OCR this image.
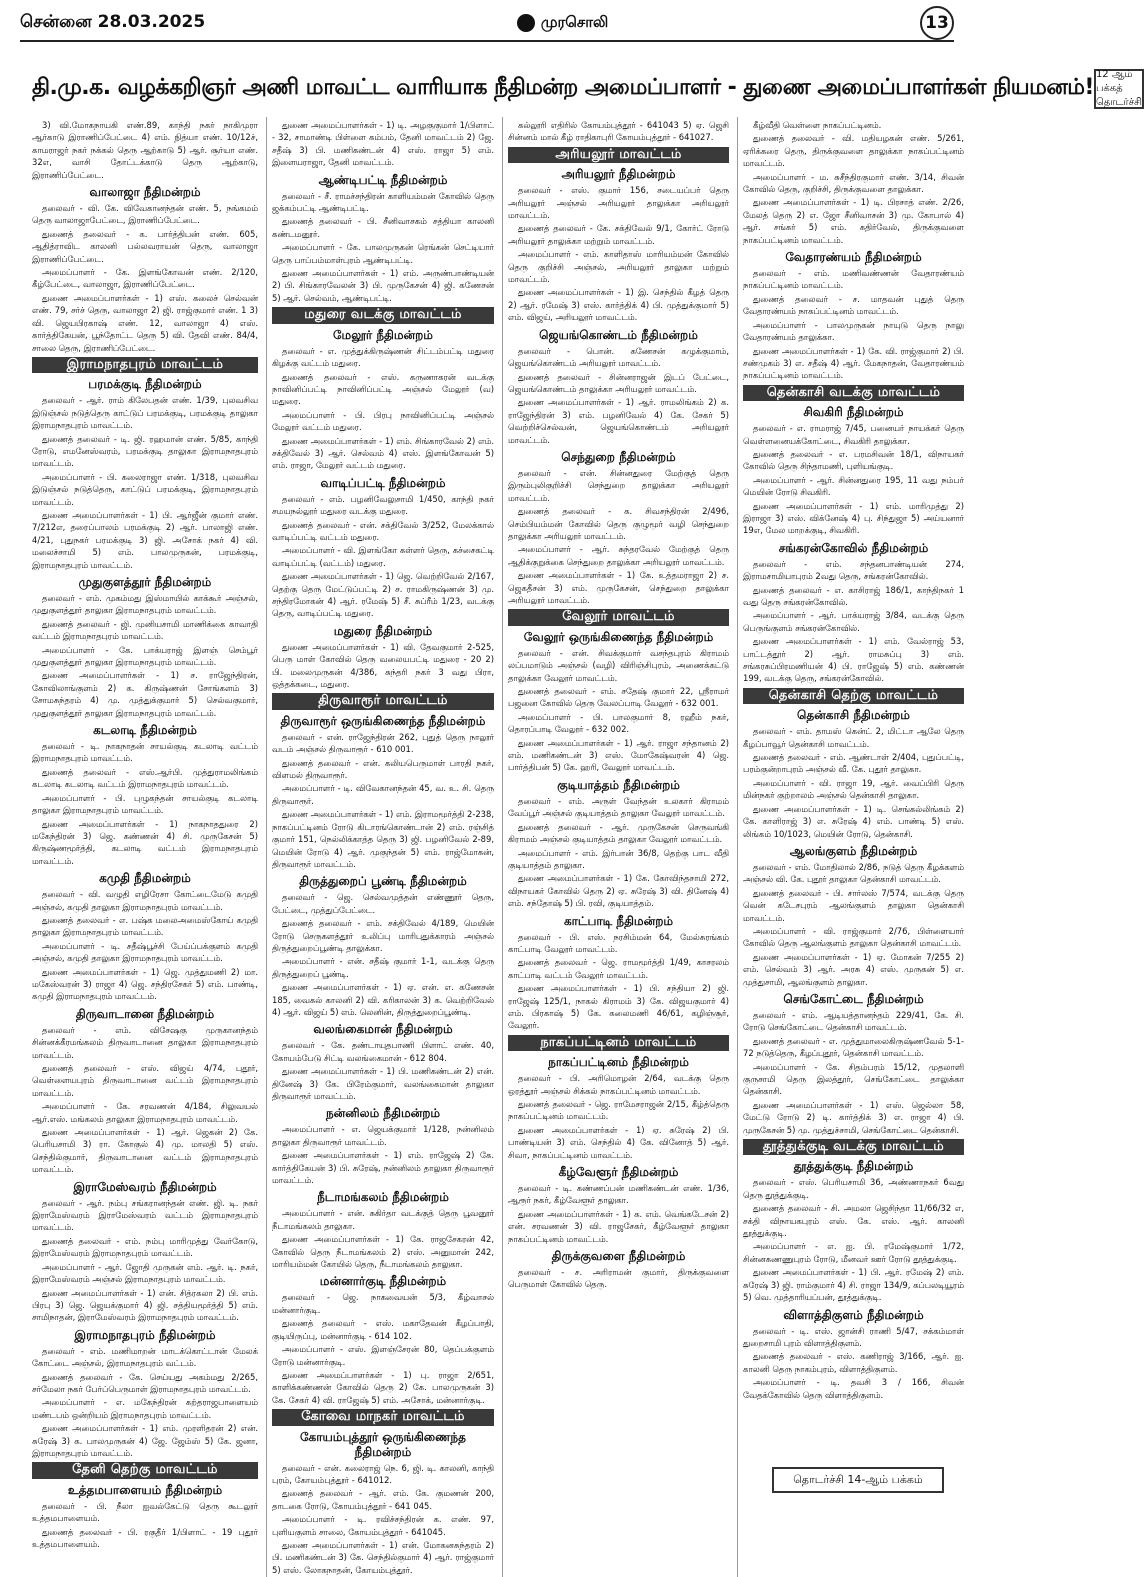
சென்னை 28.03.2025	முரசொலி	13
தி.மு.க. வழக்கறிஞர் அணி மாவட்ட வாரியாக நீதிமன்ற அமைப்பாளர் - துணை அமைப்பாளர்கள் நியமனம்!
12 ஆம் பக்கத்
தொடர்ச்சி

3) வி.மோகநாயகி எண்.89, காந்தி நகர் நாகிமுரா ஆர்காடு இராணிப்பேட்டை 4) எம். நித்யா எண். 10/12ச், காமராஜர் நகர் நக்கல் தெரு ஆற்காடு 5) ஆர். சூர்யா எண். 32எ, வாசி தோட்டக்காடு தெரு ஆற்காடு, இராணிப்பேட்டை.

வாலாஜா நீதிமன்றம்

தலைவர் - வி. கே. விவேகானந்தன் எண். 5, நங்கமம் தெரு வாலாஜாபேட்டை, இராணிப்பேட்டை.

துணைத் தலைவர் - க. பார்த்திபன் எண். 605, ஆதித்ராவிட காலனி பல்லவராயன் தெரு, வாலாஜா இராணிப்பேட்டை.

அமைப்பாளர் - கே. இளங்கோவன் எண். 2/120, கீழ்பேட்டை, வாலாஜா, இராணிப்பேட்டை.

துணை அமைப்பாளர்கள் - 1) எஸ். கலைச் செல்வன் எண். 79, சர்ச் தெரு, வாலாஜா 2) ஜி. ராஜ்குமார் எண். 1 3) வி. ஜெயபிரகாஷ் எண். 12, வாலாஜா 4) எஸ். கார்த்திகேயன், பூந்தோட்ட தெரு 5) வி. தேவி எண். 84/4, சாலை தெரு, இராணிப்பேட்டை.

இராமநாதபுரம் மாவட்டம்
பரமக்குடி நீதிமன்றம்

தலைவர் - ஆர். ராம் கிலேபதன் எண். 1/39, புலவசிவ இடுஞ்சல் நடுத்தெரு காட்டுப் பரமக்குடி, பரமக்குடி தாலுகா இராமநாதபுரம் மாவட்டம்.

துணைத் தலைவர் - டி. ஜி. ரஹமான் எண். 5/85, காந்தி ரோடு, எமனேஸ்வரம், பரமக்குடி தாலுகா இராமநாதபுரம் மாவட்டம்.

அமைப்பாளர் - பி. கலைராஜா எண். 1/318, புலவசிவ இடுஞ்சல் நடுத்தெரு, காட்டுப் பரமக்குடி, இராமநாதபுரம் மாவட்டம்.

துணை அமைப்பாளர்கள் - 1) பி. ஆர்ஜீன் குமார் எண். 7/212எ, தரைப்பாலம் பரமக்குடி 2) ஆர். பாலாஜி எண். 4/21, புதுநகர் பரமக்குடி 3) ஜி. அசோக் நகர் 4) வி. மலைச்சாமி 5) எம். பாலமுருகன், பரமக்குடி, இராமநாதபுரம் மாவட்டம்.

முதுகுளத்தூர் நீதிமன்றம்

தலைவர் - எம். முகம்மது இஸ்மாயில் காக்கூர் அஞ்சல், முதுகுளத்தூர் தாலுகா இராமநாதபுரம் மாவட்டம்.

துணைத் தலைவர் - ஜி. முனியசாமி மாணிக்கை காவாதி வட்டம் இராமநாதபுரம் மாவட்டம்.

அமைப்பாளர் - கே. பாக்யராஜ் இளஞ் செம்பூர் முதுகுளத்தூர் தாலுகா இராமநாதபுரம் மாவட்டம்.

துணை அமைப்பாளர்கள் - 1) ச. ராஜேந்திரன், கோவிலாங்குளம் 2) க. கிருஷ்ணன் சோங்களம் 3) சோமசுந்தரம் 4) மு. முத்துக்குமார் 5) செல்வகுமார், முதுகுளத்தூர் தாலுகா இராமநாதபுரம் மாவட்டம்.

கடலாடி நீதிமன்றம்

தலைவர் - டி. நாகநாதன் சாயல்குடி கடலாடி வட்டம் இராமநாதபுரம் மாவட்டம்.

துணைத் தலைவர் - எஸ்.ஆர்பி. முத்துராமலிங்கம் கடலாடி கடலாடி வட்டம் இராமநாதபுரம் மாவட்டம்.

அமைப்பாளர் - பி. புழுகந்தன் சாயல்குடி கடலாடி தாலுகா இராமநாதபுரம் மாவட்டம்.

துணை அமைப்பாளர்கள் - 1) நாகநாததுரை 2) மகேந்திரன் 3) ஜெ. கண்ணன் 4) சி. முருகேசன் 5) கிருஷ்ணமூர்த்தி, கடலாடி வட்டம் இராமநாதபுரம் மாவட்டம்.

கமுதி நீதிமன்றம்

தலைவர் - வி. வழுதி எழிரேசா கோட்டைமேடு கமுதி அஞ்சல், கமுதி தாலுகா இராமநாதபுரம் மாவட்டம்.

துணைத் தலைவர் - எ. பஷ்க மலைஅமைஸ்கோய் கமுதி தாலுகா இராமநாதபுரம் மாவட்டம்.

அமைப்பாளர் - டி. சதீஷ்பூச்சி பேய்ப்பக்குளம் கமுதி அஞ்சல், கமுதி தாலுகா இராமநாதபுரம் மாவட்டம்.

துணை அமைப்பாளர்கள் - 1) ஜெ. முத்துமணி 2) மா. மகேஸ்வரன் 3) ராஜா 4) ஜெ. சந்திரசேகர் 5) எம். பாண்டி, கமுதி இராமநாதபுரம் மாவட்டம்.

திருவாடானை நீதிமன்றம்

தலைவர் - எம். விசேஷகு முருகானந்தம் சின்னக்கீரமங்கலம் திருவாடானை தாலுகா இராமநாதபுரம் மாவட்டம்.

துணைத் தலைவர் - எஸ். விஜய் 4/74, புதூர், வெள்ளையபுரம் திருவாடானை வட்டம் இராமநாதபுரம் மாவட்டம்.

அமைப்பாளர் - கே. சரவணன் 4/184, சிலுவயல் ஆர்.எஸ். மங்கலம் தாலுகா இராமநாதபுரம் மாவட்டம்.

துணை அமைப்பாளர்கள் - 1) ஆர். ஜெகன் 2) கே. பெரியசாமி 3) ரா. கோகுல் 4) மு. மாலதி 5) எஸ். செந்தில்குமார், திருவாடானை வட்டம் இராமநாதபுரம் மாவட்டம்.

இராமேஸ்வரம் நீதிமன்றம்

தலைவர் - ஆர். நம்பு சங்கரானந்தன் எண். ஜி. டி. நகர் இராமேஸ்வரம் இராமேஸ்வரம் வட்டம் இராமநாதபுரம் மாவட்டம்.

துணைத் தலைவர் - எம். நம்பு மாரிமுத்து வேர்கோடு, இராமேஸ்வரம் இராமநாதபுரம் மாவட்டம்.

அமைப்பாளர் - ஆர். ஜோதி முருகன் எம். ஆர். டி. நகர், இராமேஸ்வரம் அஞ்சல் இராமநாதபுரம் மாவட்டம்.

துணை அமைப்பாளர்கள் - 1) என். சித்ரகலா 2) பி. எம். பிரபு 3) ஜெ. ஜெயக்குமார் 4) ஜி. சத்தியமூர்த்தி 5) எம். சாமிநாதன், இராமேஸ்வரம் இராமநாதபுரம் மாவட்டம்.

இராமநாதபுரம் நீதிமன்றம்

தலைவர் - எம். மணிமாறன் மாடக்கொட்டான் மேலக் கோட்டை அஞ்சல், இராமநாதபுரம் வட்டம்.

துணைத் தலைவர் - கே. செய்யது அகம்மது 2/265, சர்மேலா நகர் பேர்ப்பெருமாள் இராமநாதபுரம் மாவட்டம்.

அமைப்பாளர் - எ. மகேந்திரன் கற்தராஜபாளையம் மண்டபம் ஒன்றியம் இராமநாதபுரம் மாவட்டம்.

துணை அமைப்பாளர்கள் - 1) எம். முரளிதரன் 2) என். சுரேஷ் 3) க. பாலமுருகன் 4) ஜே. ஜேம்ஸ் 5) கே. ஜனா, இராமநாதபுரம் மாவட்டம்.

தேனி தெற்கு மாவட்டம்
உத்தமபாளையம் நீதிமன்றம்

தலைவர் - பி. நீலா ஐவல்கேட்டு தெரு கூடலூர் உத்தமபாளையம்.

துணைத் தலைவர் - பி. ரகுதீர் 1/பிளாட் - 19 புதூர் உத்தமபாளையம்.

துணை அமைப்பாளர்கள் - 1) டி. அழகுகுமார் 1/பிளாட் - 32, சாமாண்டி பிள்ளை கம்பம், தேனி மாவட்டம் 2) ஜே. சதீஷ் 3) பி. மணிகண்டன் 4) எஸ். ராஜா 5) எம். இளையராஜா, தேனி மாவட்டம்.

ஆண்டிபட்டி நீதிமன்றம்

தலைவர் - சீ. ராமச்சந்திரன் காளியம்மன் கோவில் தெரு ஜக்கம்பட்டி ஆண்டிபட்டி.

துணைத் தலைவர் - பி. சீனிவாசகம் சத்தியா காலனி கண்டமனூர்.

அமைப்பாளர் - கே. பாலமுருகன் ரெங்கன் செட்டியார் தெரு பாப்பம்மாள்புரம் ஆண்டிபட்டி.

துணை அமைப்பாளர்கள் - 1) எம். அருண்பாண்டியன் 2) பி. சிங்காரவேலன் 3) பி. முருகேசன் 4) ஜி. கணேசன் 5) ஆர். செல்வம், ஆண்டிபட்டி.

மதுரை வடக்கு மாவட்டம்
மேலூர் நீதிமன்றம்

தலைவர் - எ. முத்துக்கிருஷ்ணன் சிட்டம்பட்டி மதுரை கிழக்கு வட்டம் மதுரை.

துணைத் தலைவர் - எஸ். கருணாகரன் வடக்கு நாவினிப்பட்டி நாவினிப்பட்டி அஞ்சல் மேலூர் (வ) மதுரை.

அமைப்பாளர் - பி. பிரபு நாவினிப்பட்டி அஞ்சல் மேலூர் வட்டம் மதுரை.

துணை அமைப்பாளர்கள் - 1) எம். சிங்காரவேல் 2) எம். சக்திவேல் 3) ஆர். செல்வம் 4) எஸ். இளங்கோவன் 5) எம். ராஜா, மேலூர் வட்டம் மதுரை.

வாடிப்பட்டி நீதிமன்றம்

தலைவர் - எம். பழனிவேலுசாமி 1/450, காந்தி நகர் சமயநல்லூர் மதுரை வடக்கு மதுரை.

துணைத் தலைவர் - என். சக்திவேல் 3/252, மேலக்கால் வாடிப்பட்டி வட்டம் மதுரை.

அமைப்பாளர் - வி. இளங்கோ கள்ளர் தெரு, கச்சைகட்டி வாடிப்பட்டி (வட்டம்) மதுரை.

துணை அமைப்பாளர்கள் - 1) ஜெ. வெற்றிவேல் 2/167, தெற்கு தெரு மேட்டுப்பட்டி 2) ச. ராமகிருஷ்ணன் 3) மு. சந்திரமோகன் 4) ஆர். ரமேஷ் 5) சீ. சுப்ரீம் 1/23, வடக்கு தெரு, வாடிப்பட்டி மதுரை.

மதுரை நீதிமன்றம்

துணை அமைப்பாளர்கள் - 1) வி. தேவகுமார் 2-525, பெரு மாள் கோவில் தெரு வலையபட்டி மதுரை - 20 2) பி. மலைமுருகன் 4/386, சுந்தரி நகர் 3 வது பிரா, ஒத்தக்கடை, மதுரை.

திருவாரூர் மாவட்டம்
திருவாரூர் ஒருங்கிணைந்த நீதிமன்றம்

தலைவர் - என். ராஜேந்திரன் 262, புதுத் தெரு நாலூர் வடம் அஞ்சல் திருவாரூர் - 610 001.

துணைத் தலைவர் - என். கலியபெருமாள் பாரதி நகர், விளமல் திருவாரூர்.

அமைப்பாளர் - டி. விவேகானந்தன் 45, வ. உ. சி. தெரு திருவாரூர்.

துணை அமைப்பாளர்கள் - 1) எம். இராமமூர்த்தி 2-238, நாகப்பட்டினம் ரோடு கிடாரங்கொண்டான் 2) எம். ரஞ்சித் குமார் 151, நெல்லிக்காத்த தெரு 3) ஜி. பழனிவேல் 2-89, மெயின் ரோடு 4) ஆர். முகுந்தன் 5) எம். ராஜ்மோகன், திருவாரூர் மாவட்டம்.

திருத்துறைப் பூண்டி நீதிமன்றம்

தலைவர் - ஜெ. செல்வமுத்தன் எண்ணூர் தெரு, பேட்டை, முத்துப்பேட்டை.

துணைத் தலைவர் - எம். சக்திவேல் 4/189, மெயின் ரோடு செருகளத்தூர் உலிப்பு மாரிபுதுக்காரம் அஞ்சல் திருத்துறைப்பூண்டி தாலுக்கா.

அமைப்பாளர் - என். சதீஷ் குமார் 1-1, வடக்கு தெரு திருத்துறைப் பூண்டி.

துணை அமைப்பாளர்கள் - 1) ஏ. என். எ. கணேசன் 185, வைகல் காலனி 2) வி. கரிகாலன் 3) க. வெற்றிவேல் 4) ஆர். விஜய் 5) எம். லெனின், திருத்துறைப்பூண்டி.

வலங்கைமான் நீதிமன்றம்

தலைவர் - கே. தண்டாயுதபாணி பிளாட் எண். 40, கோயம்பேடு சிட்டி வலங்கைமான் - 612 804.

துணை அமைப்பாளர்கள் - 1) பி. மணிகண்டன் 2) என். தினேஷ் 3) கே. பிரேம்குமார், வலங்கைமான் தாலுகா திருவாரூர் மாவட்டம்.

நன்னிலம் நீதிமன்றம்

அமைப்பாளர் - எ. ஜெயக்குமார் 1/128, நன்னிலம் தாலுகா திருவாரூர் மாவட்டம்.

துணை அமைப்பாளர்கள் - 1) எம். ராஜேஷ் 2) கே. கார்த்திகேயன் 3) பி. சுரேஷ், நன்னிலம் தாலுகா திருவாரூர் மாவட்டம்.

நீடாமங்கலம் நீதிமன்றம்

அமைப்பாளர் - என். சுகிர்தா வடக்குத் தெரு பூவனூர் நீடாமங்கலம் தாலுகா.

துணை அமைப்பாளர்கள் - 1) கே. ராஜசேகரன் 42, கோவில் தெரு நீடாமங்கலம் 2) எஸ். அனுமான் 242, மாரியம்மன் கோயில் தெரு, நீடாமங்கலம் தாலுகா.

மன்னார்குடி நீதிமன்றம்

தலைவர் - ஜெ. நாகவையன் 5/3, கீழ்வாசல் மன்னார்குடி.

துணைத் தலைவர் - எஸ். மகாதேவன் கீழப்பாதி, குடியிருப்பு, மன்னார்குடி - 614 102.

அமைப்பாளர் - எஸ். இளஞ்சேரன் 80, தெப்பக்குளம் ரோடு மன்னார்குடி.

துணை அமைப்பாளர்கள் - 1) பு. ராஜா 2/651, காளிக்கண்ணன் கோவில் தெரு 2) கே. பாலமுருகன் 3) கே. சேகர் 4) வி. ராஜேஷ் 5) எம். அசோக், மன்னார்குடி.

கோவை மாநகர் மாவட்டம்
கோயம்புத்தூர் ஒருங்கிணைந்த நீதிமன்றம்

தலைவர் - என். கலைராஜ் நெ. 6, ஜி. டி. காலனி, காந்தி புரம், கோயம்புத்தூர் - 641012.

துணைத் தலைவர் - ஆர். எம். கே. குமணன் 200, தாடகை ரோடு, கோயம்புத்தூர் - 641 045.

அமைப்பாளர் - டி. ரவிச்சந்திரன் க. எண். 97, புளியகுளம் சாலை, கோயம்புத்தூர் - 641045.

துணை அமைப்பாளர்கள் - 1) என். மோகனசுந்தரம் 2) பி. மணிகண்டன் 3) கே. செந்தில்குமார் 4) ஆர். ராஜ்குமார் 5) எஸ். லோகநாதன், கோயம்புத்தூர்.

கல்லூரி எதிரில் கோயம்புத்தூர் - 641043 5) ஏ. ஜெசி சின்னம் மால் கீழ் ராதிகாபுரி கோயம்புத்தூர் - 641027.

அரியலூர் மாவட்டம்
அரியலூர் நீதிமன்றம்

தலைவர் - எஸ். குமார் 156, சடையப்பர் தெரு அரியலூர் அஞ்சல் அரியலூர் தாலுக்கா அரியலூர் மாவட்டம்.

துணைத் தலைவர் - கே. சக்திவேல் 9/1, கோர்ட் ரோடு அரியலூர் தாலுக்கா மற்றும் மாவட்டம்.

அமைப்பாளர் - எம். காளிதாஸ் மாரியம்மன் கோவில் தெரு குறிச்சி அஞ்சல், அரியலூர் தாலுகா மற்றும் மாவட்டம்.

துணை அமைப்பாளர்கள் - 1) இ. செந்தில் கீழத் தெரு 2) ஆர். ரமேஷ் 3) எஸ். கார்த்திக் 4) பி. முத்துக்குமார் 5) எம். விஜய், அரியலூர் மாவட்டம்.

ஜெயங்கொண்டம் நீதிமன்றம்

தலைவர் - பொன். கணேசன் கழுக்குமாம், ஜெயங்கொண்டம் அரியலூர் மாவட்டம்.

துணைத் தலைவர் - சின்னராஜன் இடப் பேட்டை, ஜெயங்கொண்டம் தாலுக்கா அரியலூர் மாவட்டம்.

துணை அமைப்பாளர்கள் - 1) ஆர். ராமலிங்கம் 2) க. ராஜேந்திரன் 3) எம். பழனிவேல் 4) கே. சேகர் 5) வெற்றிச்செல்வன், ஜெயங்கொண்டம் அரியலூர் மாவட்டம்.

செந்துறை நீதிமன்றம்

தலைவர் - என். சின்னதுரை மேற்குத் தெரு இரும்புலிகுறிச்சி செந்துறை தாலுக்கா அரியலூர் மாவட்டம்.

துணைத் தலைவர் - க. சிவசந்திரன் 2/496, செம்பியம்மன் கோவில் தெரு குழுமூர் வழி செந்துறை தாலுக்கா அரியலூர் மாவட்டம்.

அமைப்பாளர் - ஆர். சுந்தரவேல் மேற்குத் தெரு ஆதிக்குறுக்கை செந்துறை தாலுக்கா அரியலூர் மாவட்டம்.

துணை அமைப்பாளர்கள் - 1) கே. உத்தமராஜா 2) ச. ஜெகதீசன் 3) எம். முருகேசன், செந்துறை தாலுக்கா அரியலூர் மாவட்டம்.

வேலூர் மாவட்டம்
வேலூர் ஒருங்கிணைந்த நீதிமன்றம்

தலைவர் - என். சிவக்குமார் வசந்தபுரம் கிராமம் லப்பமாடும் அஞ்சல் (வழி) விரிஞ்சிபுரம், அணைக்கட்டு தாலுக்கா வேலூர் மாவட்டம்.

துணைத் தலைவர் - எம். சதேஷ் குமார் 22, ஸ்ரீராமர் பஜனை கோவில் தெரு வேலப்பாடி வேலூர் - 632 001.

அமைப்பாளர் - பி. பாலகுமார் 8, ரஹீம் நகர், தொரப்பாடி வேலூர் - 632 002.

துணை அமைப்பாளர்கள் - 1) ஆர். ராஜா சந்தானம் 2) எம். மணிகண்டன் 3) எஸ். மோகேஷ்வரன் 4) ஜெ. பார்த்திபன் 5) கே. ஹரி, வேலூர் மாவட்டம்.

குடியாத்தம் நீதிமன்றம்

தலைவர் - எம். அருள் வேந்தன் உலகார் கிராமம் வேப்பூர் அஞ்சல் குடியாத்தம் தாலுகா வேலூர் மாவட்டம்.

துணைத் தலைவர் - ஆர். முருகேசன் செருவங்கி கிராமம் அஞ்சல் குடியாத்தம் தாலுகா வேலூர் மாவட்டம்.

அமைப்பாளர் - எம். இர்பான் 36/8, தெற்கு பாட வீதி குடியாத்தம் தாலுகா.

துணை அமைப்பாளர்கள் - 1) கே. கோவிந்தசாமி 272, விநாயகர் கோவில் தெரு 2) ஏ. சுரேஷ் 3) வி. தினேஷ் 4) எம். சந்தோஷ் 5) பி. ரவி, குடியாத்தம்.

காட்பாடி நீதிமன்றம்

தலைவர் - பி. எஸ். நரசிம்மன் 64, மேல்சுரங்கம் காட்பாடி வேலூர் மாவட்டம்.

துணைத் தலைவர் - ஜெ. ராமமூர்த்தி 1/49, காசரலம் காட்பாடி வட்டம் வேலூர் மாவட்டம்.

துணை அமைப்பாளர்கள் - 1) பி. சந்தியா 2) ஜி. ராஜேஷ் 125/1, நாகல் கிராமம் 3) கே. விஜயகுமார் 4) எம். பிரகாஷ் 5) கே. கலைமணி 46/61, கழிஞ்சூர், வேலூர்.

நாகப்பட்டினம் மாவட்டம்
நாகப்பட்டினம் நீதிமன்றம்

தலைவர் - பி. அரிமொழன் 2/64, வடக்கு தெரு ஒரத்தூர் அஞ்சல் சிக்கல் நாகப்பட்டினம் மாவட்டம்.

துணைத் தலைவர் - ஜெ. ராமேசராஜன் 2/15, கீழ்த்தெரு நாகப்பட்டினம் மாவட்டம்.

துணை அமைப்பாளர்கள் - 1) ஏ. சுரேஷ் 2) பி. பாண்டியன் 3) எம். செந்தில் 4) கே. வினோத் 5) ஆர். சிவா, நாகப்பட்டினம் மாவட்டம்.

கீழ்வேளூர் நீதிமன்றம்

தலைவர் - டி. கண்ணப்பன் மணிகண்டன் எண். 1/36, ஆரூர் நகர், கீழ்வேளூர் தாலுகா.

துணை அமைப்பாளர்கள் - 1) க. எம். வெங்கடேசன் 2) என். சரவணன் 3) வி. ராஜசேகர், கீழ்வேளூர் தாலுகா நாகப்பட்டினம் மாவட்டம்.

திருக்குவளை நீதிமன்றம்

தலைவர் - ச. அரிராமன் குமார், திருக்குவளை பெருமாள் கோவில் தெரு.

கீழ்வீதி வெள்ளை நாகப்பட்டினம்.

துணைத் தலைவர் - வி. மதியழகன் எண். 5/261, ஏரிக்கரை தெரு, திருக்குவளை தாலுக்கா நாகப்பட்டினம் மாவட்டம்.

அமைப்பாளர் - ம. சுசீந்திரகுமார் எண். 3/14, சிவன் கோவில் தெரு, குறிச்சி, திருக்குவளை தாலுக்கா.

துணை அமைப்பாளர்கள் - 1) டி. பிரசாத் எண். 2/26, மேலத் தெரு 2) எ. ஜோ சீனிவாசன் 3) மு. கோபால் 4) ஆர். சங்கர் 5) எம். கதிர்வேல், திருக்குவளை நாகப்பட்டினம் மாவட்டம்.

வேதாரண்யம் நீதிமன்றம்

தலைவர் - எம். மணிவண்ணன் வேதாரண்யம் நாகப்பட்டினம் மாவட்டம்.

துணைத் தலைவர் - ச. மாதவன் புதுத் தெரு வேதாரண்யம் நாகப்பட்டினம் மாவட்டம்.

அமைப்பாளர் - பாலமுருகன் நாயுடு தெரு நாலு வேதாரண்யம் தாலுக்கா.

துணை அமைப்பாளர்கள் - 1) கே. வி. ராஜ்குமார் 2) பி. சண்முகம் 3) எ. சதீஷ் 4) ஆர். மேகநாதன், வேதாரண்யம் நாகப்பட்டினம் மாவட்டம்.

தென்காசி வடக்கு மாவட்டம்
சிவகிரி நீதிமன்றம்

தலைவர் - எ. ராமராஜ் 7/45, பனையர் நாயக்கர் தெரு வெள்ளனையக்கோட்டை, சிவகிரி தாலுக்கா.

துணைத் தலைவர் - எ. பரமசிவன் 18/1, விநாயகர் கோவில் தெரு சிந்தாமணி, புளியங்குடி.

அமைப்பாளர் - ஆர். சின்னதுரை 195, 11 வது நம்பர் மெயின் ரோடு சிவகிரி.

துணை அமைப்பாளர்கள் - 1) எம். மாரிமுத்து 2) இராஜா 3) எஸ். விக்னேஷ் 4) பு. சிந்துஜா 5) அய்யனார் 19எ, மேல மாறக்குடி, சிவகிரி.

சங்கரன்கோவில் நீதிமன்றம்

தலைவர் - எம். சந்தனபாண்டியன் 274, இராமசாமியாபுரம் 2வது தெரு, சங்கரன்கோவில்.

துணைத் தலைவர் - எ. காசிராஜ் 186/1, காந்திநகர் 1 வது தெரு சங்கரன்கோவில்.

அமைப்பாளர் - ஆர். பாக்யராஜ் 3/84, வடக்கு தெரு பெருங்குளம் சங்கரன்கோவில்.

துணை அமைப்பாளர்கள் - 1) எம். வேல்ராஜ் 53, பாட்டத்தூர் 2) ஆர். ராமசுப்பு 3) எம். சங்கரசுப்பிரமணியன் 4) பி. ராஜேஷ் 5) எம். கண்ணன் 199, வடக்கு தெரு, சங்கரன்கோவில்.

தென்காசி தெற்கு மாவட்டம்
தென்காசி நீதிமன்றம்

தலைவர் - எம். தாமஸ் கென்ட் 2, மிட்டா ஆலே தெரு கீழப்பாவூர் தென்காசி மாவட்டம்.

துணைத் தலைவர் - எம். ஆண்டாள் 2/404, புதுப்பட்டி, பரம்குன்றாபுரம் அஞ்சல் வீ. கே. புதூர் தாலுகா.

அமைப்பாளர் - வி. ராஜா 19, ஆர். வைப்பிரி தெரு மின்நகர் குற்றாலம் அஞ்சல் தென்காசி தாலுகா.

துணை அமைப்பாளர்கள் - 1) டி. செங்கல்லிங்கம் 2) கே. காளிராஜ் 3) எ. சுரேஷ் 4) எம். பாண்டி 5) எஸ். லிங்கம் 10/1023, மெயின் ரோடு, தென்காசி.

ஆலங்குளம் நீதிமன்றம்

தலைவர் - எம். மோதிலால் 2/86, நடுத் தெரு கீழக்களம் அஞ்சல் வி. கே. புதூர் தாலுகா தென்காசி மாவட்டம்.

துணைத் தலைவர் - பி. சார்லஸ் 7/574, வடக்கு தெரு வென் கடேசபுரம் ஆலங்குளம் தாலுகா தென்காசி மாவட்டம்.

அமைப்பாளர் - வி. ராஜ்குமார் 2/76, பிள்ளையார் கோவில் தெரு ஆலங்குளம் தாலுகா தென்காசி மாவட்டம்.

துணை அமைப்பாளர்கள் - 1) ஏ. மோகன் 7/255 2) எம். செல்வம் 3) ஆர். அரசு 4) எஸ். முருகன் 5) எ. முத்துசாமி, ஆலங்குளம் தாலுகா.

செங்கோட்டை நீதிமன்றம்

தலைவர் - எம். ஆடியத்தானந்தம் 229/41, கே. சி. ரோடு செங்கோட்டை தென்காசி மாவட்டம்.

துணைத் தலைவர் - எ. முத்துமாலைகிருஷ்ணவேல் 5-1-72 நடுத்தெரு, கீழப்புதூர், தென்காசி மாவட்டம்.

அமைப்பாளர் - கே. சிதம்பரம் 15/12, முதலாளி குருசாமி தெரு இலத்தூர், செங்கோட்டை தாலுக்கா தென்காசி.

துணை அமைப்பாளர்கள் - 1) எஸ். ஜெல்லா 58, மேட்டு ரோடு 2) டி. கார்த்திக் 3) எ. ராஜா 4) பி. முருகேசன் 5) மு. முத்துச்சாமி, செங்கோட்டை தென்காசி.

தூத்துக்குடி வடக்கு மாவட்டம்
தூத்துக்குடி நீதிமன்றம்

தலைவர் - எஸ். பெரியசாமி 36, அண்ணாநகர் 6வது தெரு தூத்துக்குடி.

துணைத் தலைவர் - சி. அமலா ஜெசிந்தா 11/66/32 எ, சக்தி விநாயகபுரம் எஸ். கே. எஸ். ஆர். காலனி தூத்துக்குடி.

அமைப்பாளர் - எ. ஐ. பி. ரமேஷ்குமார் 1/72, சின்னகணணுபுரம் ரோடு, மீனவர் ஊர் ரோடு தூத்துக்குடி.

துணை அமைப்பாளர்கள் - 1) பி. ஆர். ரமேஷ் 2) எம். சுரேஷ் 3) ஜி. ராம்குமார் 4) சி. ராஜா 134/9, கப்பலடியூரம் 5) வெ. முத்தாரியப்பன், தூத்துக்குடி.

விளாத்திகுளம் நீதிமன்றம்

தலைவர் - டி. எஸ். ஜான்சி ராணி 5/47, சக்கம்மாள் துறைசாமி புரம் விளாத்திகுளம்.

துணைத் தலைவர் - எஸ். கணிராஜ் 3/166, ஆர். ஐ. காலனி தெரு நாகம்புரம், விளாத்திகுளம்.

அமைப்பாளர் - டி. தவசி 3 / 166, சிவன் வேதக்கோவில் தெரு விளாத்திகுளம்.

தொடர்ச்சி 14-ஆம் பக்கம்
